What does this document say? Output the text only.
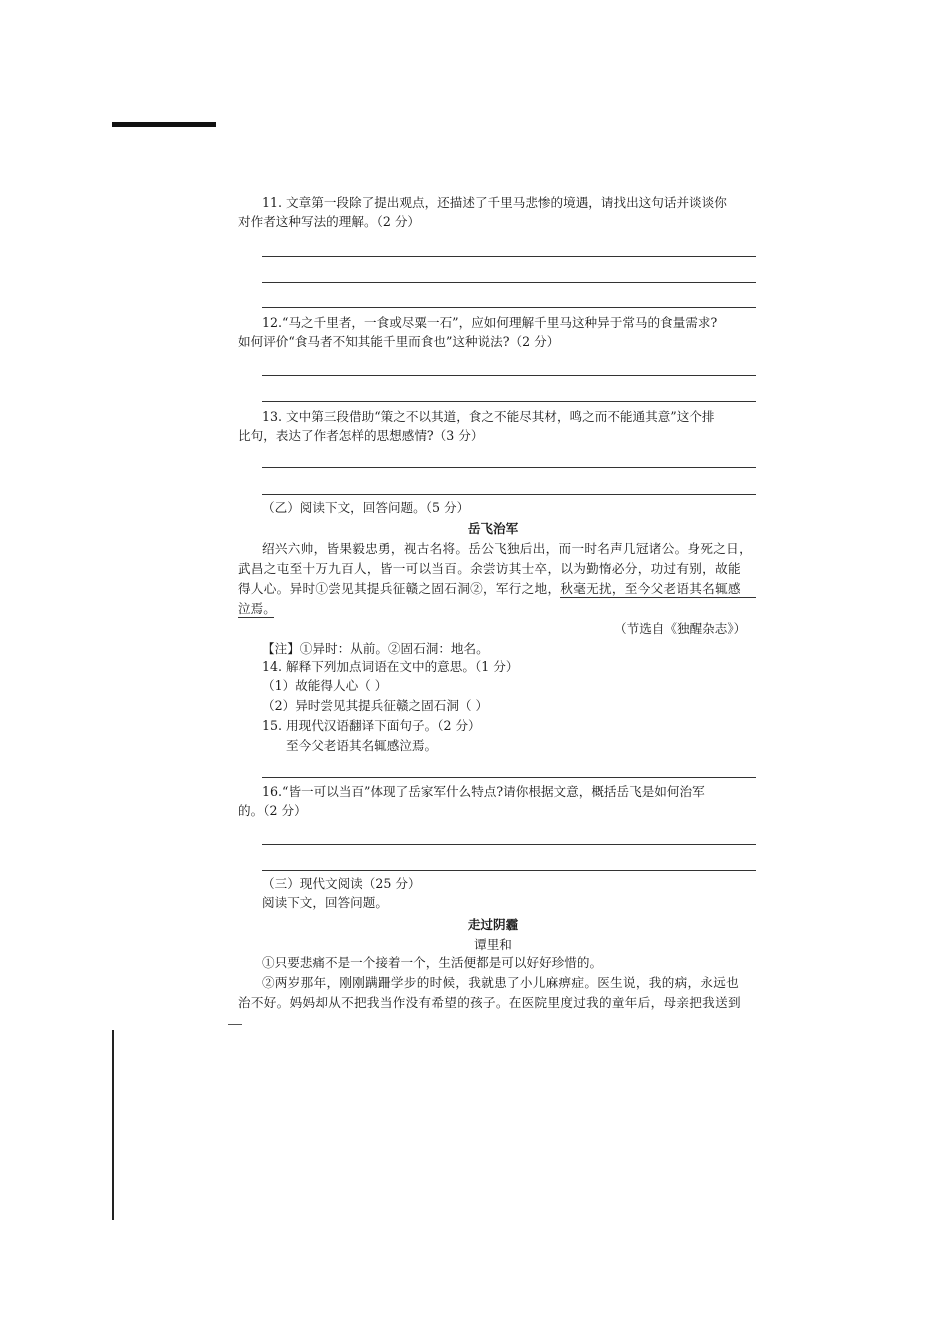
11. 文章第一段除了提出观点，还描述了千里马悲惨的境遇，请找出这句话并谈谈你
对作者这种写法的理解。（2 分）
12.“马之千里者，一食或尽粟一石”，应如何理解千里马这种异于常马的食量需求?
如何评价“食马者不知其能千里而食也”这种说法?（2 分）
13. 文中第三段借助“策之不以其道，食之不能尽其材，鸣之而不能通其意”这个排
比句，表达了作者怎样的思想感情?（3 分）
（乙）阅读下文，回答问题。（5 分）
岳飞治军
绍兴六帅，皆果毅忠勇，视古名将。岳公飞独后出，而一时名声几冠诸公。身死之日，
武昌之屯至十万九百人，皆一可以当百。余尝访其士卒，以为勤惰必分，功过有别，故能
得人心。异时①尝见其提兵征赣之固石洞②，军行之地，秋毫无扰，至今父老语其名辄感
泣焉。
（节选自《独醒杂志》）
【注】①异时：从前。②固石洞：地名。
14. 解释下列加点词语在文中的意思。（1 分）
（1）故能得人心（ ）
（2）异时尝见其提兵征赣之固石洞（ ）
15. 用现代汉语翻译下面句子。（2 分）
至今父老语其名辄感泣焉。
16.“皆一可以当百”体现了岳家军什么特点?请你根据文意，概括岳飞是如何治军
的。（2 分）
（三）现代文阅读（25 分）
阅读下文，回答问题。
走过阴霾
谭里和
①只要悲痛不是一个接着一个，生活便都是可以好好珍惜的。
②两岁那年，刚刚蹒跚学步的时候，我就患了小儿麻痹症。医生说，我的病，永远也
治不好。妈妈却从不把我当作没有希望的孩子。在医院里度过我的童年后，母亲把我送到
